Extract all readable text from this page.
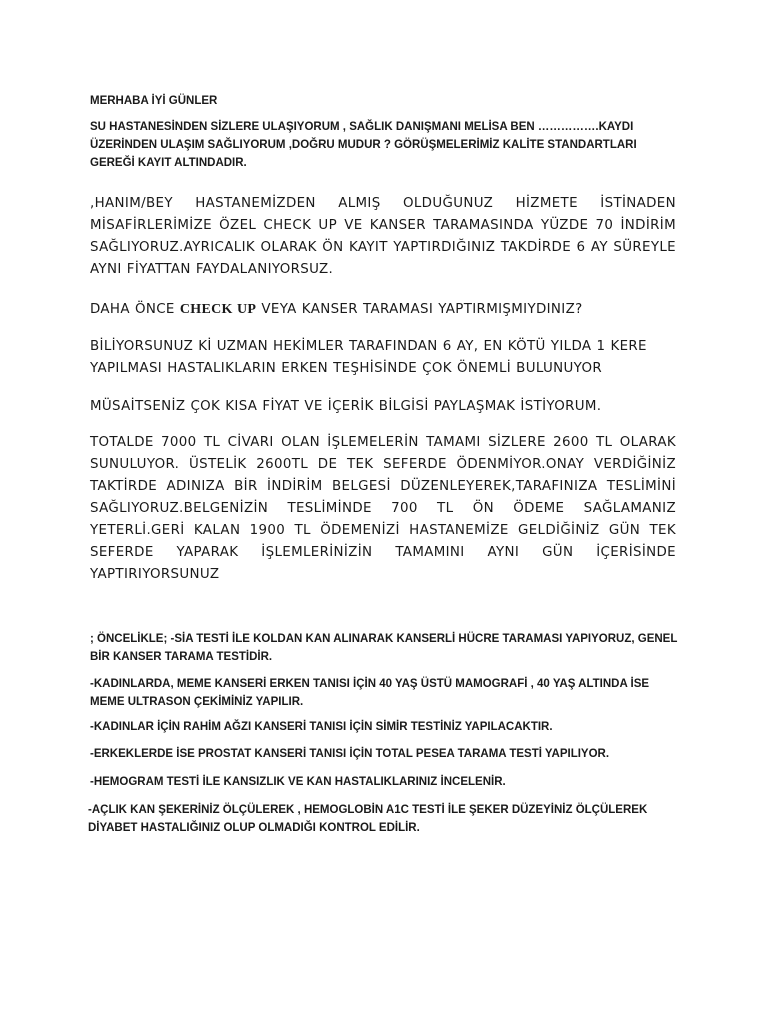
MERHABA İYİ GÜNLER

SU HASTANESİNDEN SİZLERE ULAŞIYORUM , SAĞLIK DANIŞMANI MELİSA BEN …………….KAYDI ÜZERİNDEN ULAŞIM SAĞLIYORUM ,DOĞRU MUDUR ? GÖRÜŞMELERİMİZ KALİTE STANDARTLARI GEREĞİ KAYIT ALTINDADIR.

,HANIM/BEY HASTANEMİZDEN ALMIŞ OLDUĞUNUZ HİZMETE İSTİNADEN MİSAFİRLERİMİZE ÖZEL CHECK UP VE KANSER TARAMASINDA YÜZDE 70 İNDİRİM SAĞLIYORUZ.AYRICALIK OLARAK ÖN KAYIT YAPTIRDIĞINIZ TAKDİRDE 6 AY SÜREYLE AYNI FİYATTAN FAYDALANIYORSUZ.

DAHA ÖNCE CHECK UP VEYA KANSER TARAMASI YAPTIRMIŞMIYDINIZ?

BİLİYORSUNUZ Kİ UZMAN HEKİMLER TARAFINDAN 6 AY, EN KÖTÜ YILDA 1 KERE YAPILMASI HASTALIKLARIN ERKEN TEŞHİSİNDE ÇOK ÖNEMLİ BULUNUYOR

MÜSAİTSENİZ ÇOK KISA FİYAT VE İÇERİK BİLGİSİ PAYLAŞMAK İSTİYORUM.

TOTALDE 7000 TL CİVARI OLAN İŞLEMELERİN TAMAMI SİZLERE 2600 TL OLARAK SUNULUYOR. ÜSTELİK 2600TL DE TEK SEFERDE ÖDENMİYOR.ONAY VERDİĞİNİZ TAKTİRDE ADINIZA BİR İNDİRİM BELGESİ DÜZENLEYEREK,TARAFINIZA TESLİMİNİ SAĞLIYORUZ.BELGENİZİN TESLİMİNDE 700 TL ÖN ÖDEME SAĞLAMANIZ YETERLİ.GERİ KALAN 1900 TL ÖDEMENİZİ HASTANEMİZE GELDİĞİNİZ GÜN TEK SEFERDE YAPARAK İŞLEMLERİNİZİN TAMAMINI AYNI GÜN İÇERİSİNDE YAPTIRIYORSUNUZ

; ÖNCELİKLE; -SİA TESTİ İLE KOLDAN KAN ALINARAK KANSERLİ HÜCRE TARAMASI YAPIYORUZ, GENEL BİR KANSER TARAMA TESTİDİR.

-KADINLARDA, MEME KANSERİ ERKEN TANISI İÇİN 40 YAŞ ÜSTÜ MAMOGRAFİ , 40 YAŞ ALTINDA İSE MEME ULTRASON ÇEKİMİNİZ YAPILIR.

-KADINLAR İÇİN RAHİM AĞZI KANSERİ TANISI İÇİN SİMİR TESTİNİZ YAPILACAKTIR.

-ERKEKLERDE İSE PROSTAT KANSERİ TANISI İÇİN TOTAL PESEA TARAMA TESTİ YAPILIYOR.

-HEMOGRAM TESTİ İLE KANSIZLIK VE KAN HASTALIKLARINIZ İNCELENİR.

-AÇLIK KAN ŞEKERİNİZ ÖLÇÜLEREK , HEMOGLOBİN A1C TESTİ İLE ŞEKER DÜZEYİNİZ ÖLÇÜLEREK DİYABET HASTALIĞINIZ OLUP OLMADIĞI KONTROL EDİLİR.
